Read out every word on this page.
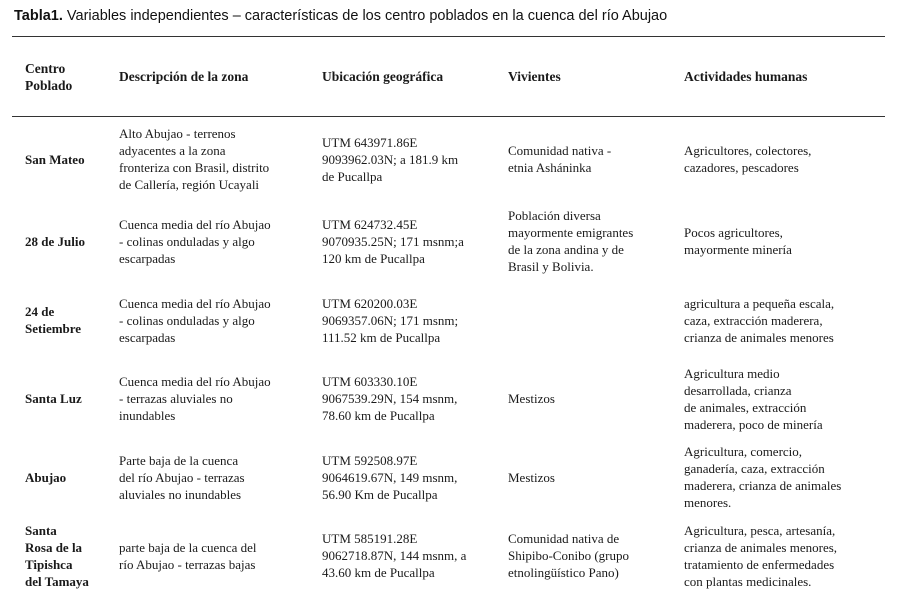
Tabla1. Variables independientes – características de los centro poblados en la cuenca del río Abujao
Centro
Poblado	Descripción de la zona	Ubicación geográfica	Vivientes	Actividades humanas
San Mateo	Alto Abujao - terrenos
adyacentes a la zona
fronteriza con Brasil, distrito
de Callería, región Ucayali	UTM 643971.86E
9093962.03N; a 181.9 km
de Pucallpa	Comunidad nativa -
etnia Asháninka	Agricultores, colectores,
cazadores, pescadores
28 de Julio	Cuenca media del río Abujao
- colinas onduladas y algo
escarpadas	UTM 624732.45E
9070935.25N; 171 msnm;a
120 km de Pucallpa	Población diversa
mayormente emigrantes
de la zona andina y de
Brasil y Bolivia.	Pocos agricultores,
mayormente minería
24 de
Setiembre	Cuenca media del río Abujao
- colinas onduladas y algo
escarpadas	UTM 620200.03E
9069357.06N; 171 msnm;
111.52 km de Pucallpa		agricultura a pequeña escala,
caza, extracción maderera,
crianza de animales menores
Santa Luz	Cuenca media del río Abujao
- terrazas aluviales no
inundables	UTM 603330.10E
9067539.29N, 154 msnm,
78.60 km de Pucallpa	Mestizos	Agricultura medio
desarrollada, crianza
de animales, extracción
maderera, poco de minería
Abujao	Parte baja de la cuenca
del río Abujao - terrazas
aluviales no inundables	UTM 592508.97E
9064619.67N, 149 msnm,
56.90 Km de Pucallpa	Mestizos	Agricultura, comercio,
ganadería, caza, extracción
maderera, crianza de animales
menores.
Santa
Rosa de la
Tipishca
del Tamaya	parte baja de la cuenca del
río Abujao - terrazas bajas	UTM 585191.28E
9062718.87N, 144 msnm, a
43.60 km de Pucallpa	Comunidad nativa de
Shipibo-Conibo (grupo
etnolingüístico Pano)	Agricultura, pesca, artesanía,
crianza de animales menores,
tratamiento de enfermedades
con plantas medicinales.
